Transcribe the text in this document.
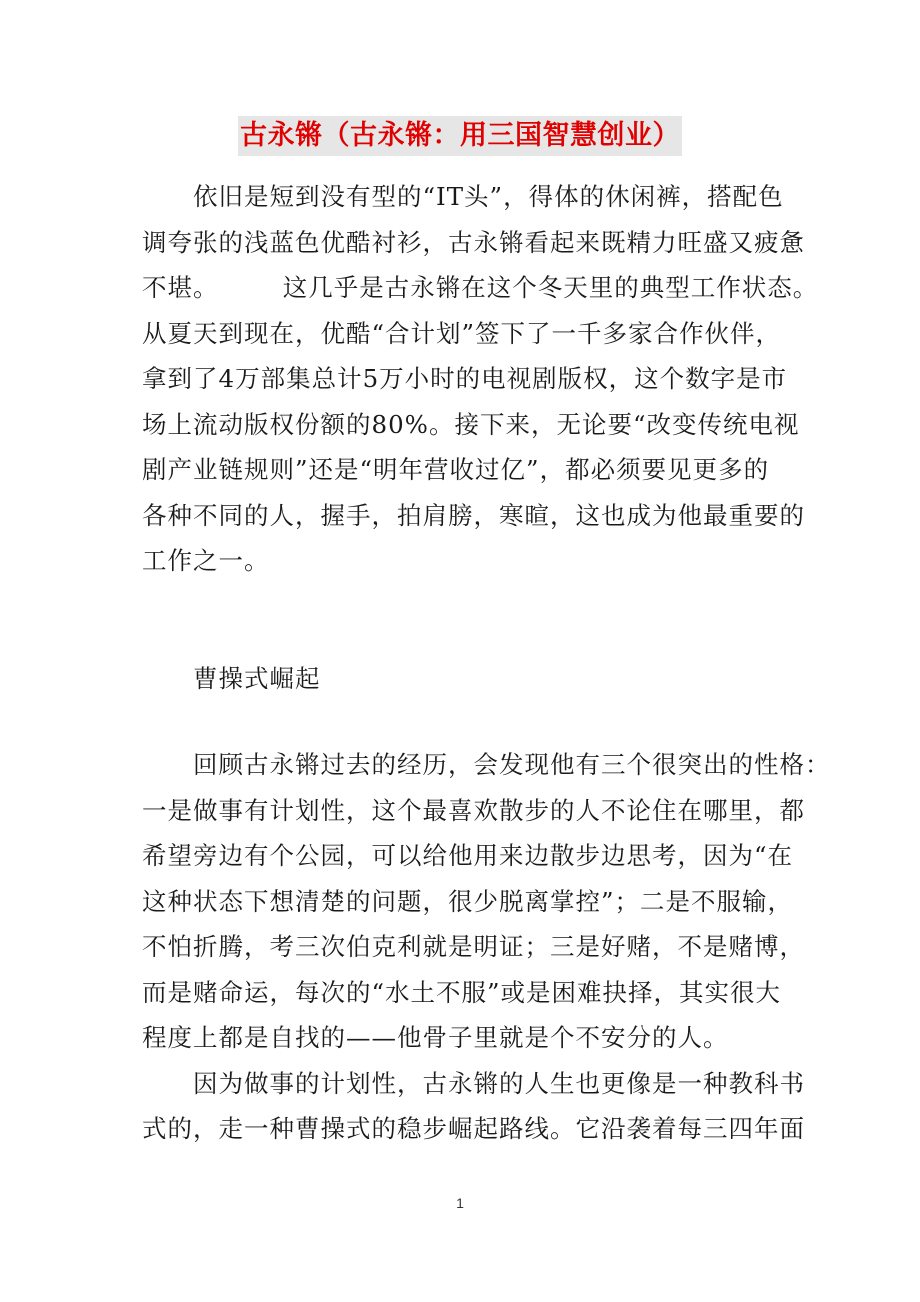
古永锵（古永锵：用三国智慧创业）
　　依旧是短到没有型的“IT头”，得体的休闲裤，搭配色
调夸张的浅蓝色优酷衬衫，古永锵看起来既精力旺盛又疲惫
不堪。　　　这几乎是古永锵在这个冬天里的典型工作状态。
从夏天到现在，优酷“合计划”签下了一千多家合作伙伴，
拿到了4万部集总计5万小时的电视剧版权，这个数字是市
场上流动版权份额的80%。接下来，无论要“改变传统电视
剧产业链规则”还是“明年营收过亿”，都必须要见更多的
各种不同的人，握手，拍肩膀，寒暄，这也成为他最重要的
工作之一。
　　曹操式崛起
　　回顾古永锵过去的经历，会发现他有三个很突出的性格：
一是做事有计划性，这个最喜欢散步的人不论住在哪里，都
希望旁边有个公园，可以给他用来边散步边思考，因为“在
这种状态下想清楚的问题，很少脱离掌控”；二是不服输，
不怕折腾，考三次伯克利就是明证；三是好赌，不是赌博，
而是赌命运，每次的“水土不服”或是困难抉择，其实很大
程度上都是自找的——他骨子里就是个不安分的人。
　　因为做事的计划性，古永锵的人生也更像是一种教科书
式的，走一种曹操式的稳步崛起路线。它沿袭着每三四年面
1
